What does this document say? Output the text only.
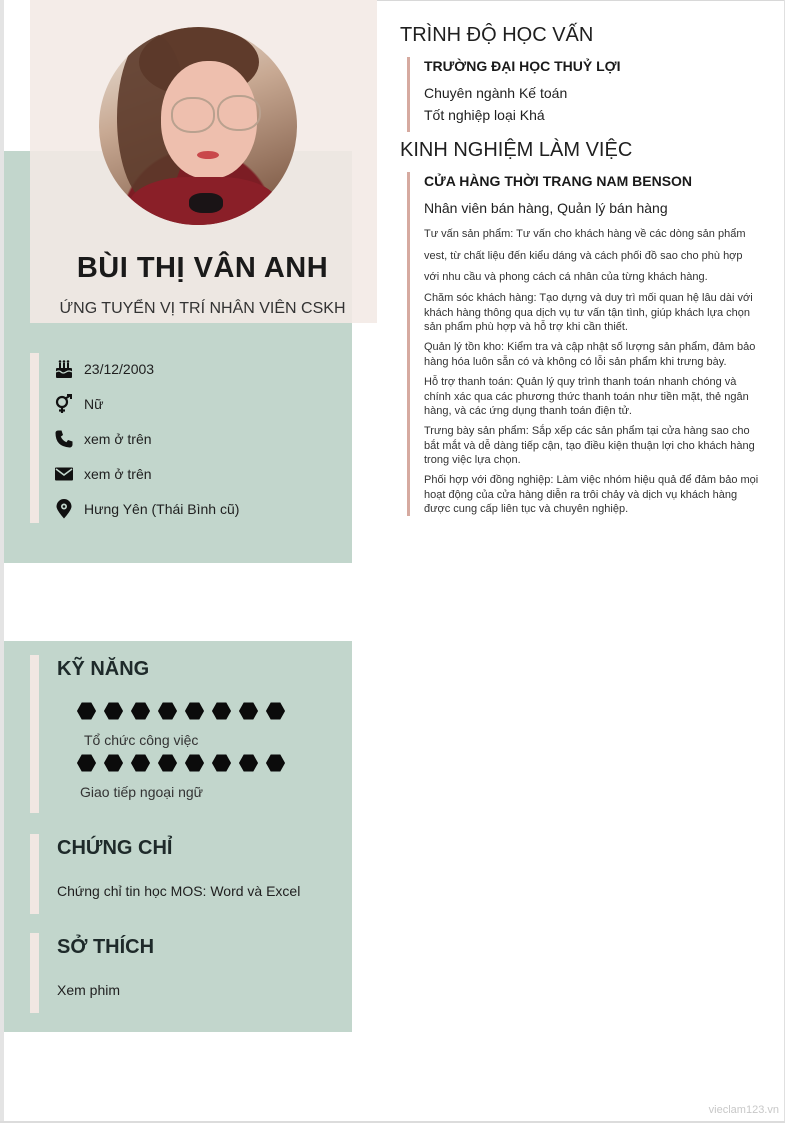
BÙI THỊ VÂN ANH
ỨNG TUYỂN VỊ TRÍ NHÂN VIÊN CSKH
23/12/2003
Nữ
xem ở trên
xem ở trên
Hưng Yên (Thái Bình cũ)
KỸ NĂNG
Tổ chức công việc
Giao tiếp ngoại ngữ
CHỨNG CHỈ
Chứng chỉ tin học MOS: Word và Excel
SỞ THÍCH
Xem phim
TRÌNH ĐỘ HỌC VẤN
TRƯỜNG ĐẠI HỌC THUỶ LỢI
Chuyên ngành Kế toán
Tốt nghiệp loại Khá
KINH NGHIỆM LÀM VIỆC
CỬA HÀNG THỜI TRANG NAM BENSON
Nhân viên bán hàng, Quản lý bán hàng
Tư vấn sản phẩm: Tư vấn cho khách hàng về các dòng sản phẩm vest, từ chất liệu đến kiểu dáng và cách phối đồ sao cho phù hợp với nhu cầu và phong cách cá nhân của từng khách hàng.
Chăm sóc khách hàng: Tạo dựng và duy trì mối quan hệ lâu dài với khách hàng thông qua dịch vụ tư vấn tận tình, giúp khách lựa chọn sản phẩm phù hợp và hỗ trợ khi cần thiết.
Quản lý tồn kho: Kiểm tra và cập nhật số lượng sản phẩm, đảm bảo hàng hóa luôn sẵn có và không có lỗi sản phẩm khi trưng bày.
Hỗ trợ thanh toán: Quản lý quy trình thanh toán nhanh chóng và chính xác qua các phương thức thanh toán như tiền mặt, thẻ ngân hàng, và các ứng dụng thanh toán điện tử.
Trưng bày sản phẩm: Sắp xếp các sản phẩm tại cửa hàng sao cho bắt mắt và dễ dàng tiếp cận, tạo điều kiện thuận lợi cho khách hàng trong việc lựa chọn.
Phối hợp với đồng nghiệp: Làm việc nhóm hiệu quả để đảm bảo mọi hoạt động của cửa hàng diễn ra trôi chảy và dịch vụ khách hàng được cung cấp liên tục và chuyên nghiệp.
vieclam123.vn
